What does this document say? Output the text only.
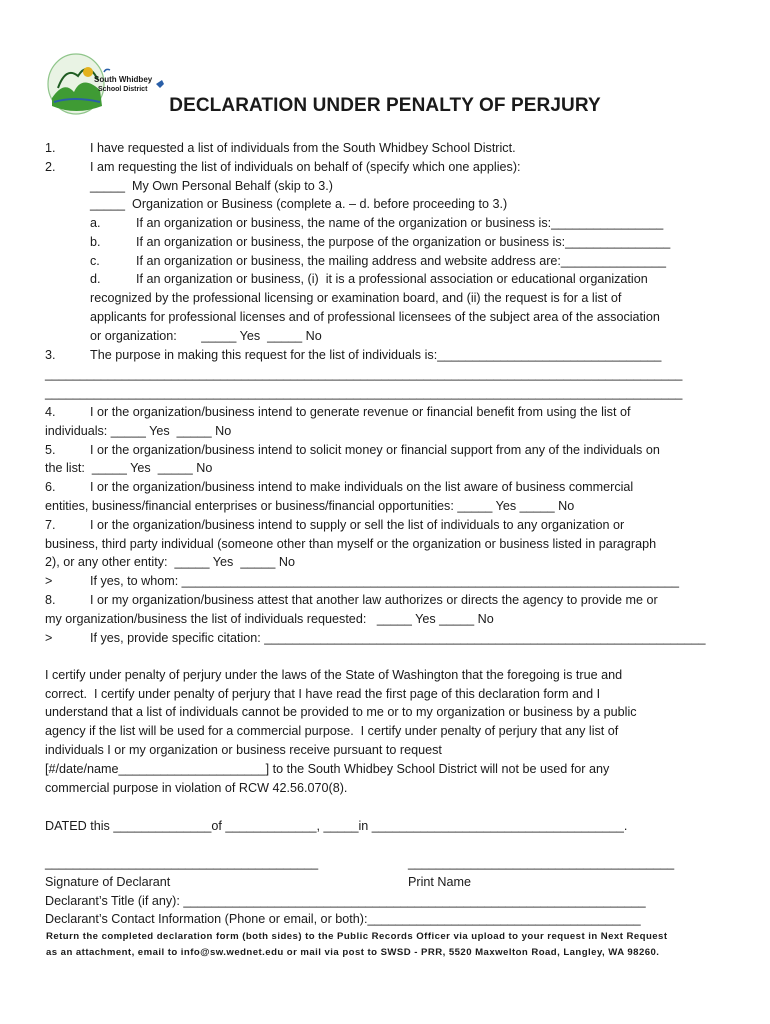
South Whidbey
School District
DECLARATION UNDER PENALTY OF PERJURY
1.	I have requested a list of individuals from the South Whidbey School District.
2.	I am requesting the list of individuals on behalf of (specify which one applies):
_____  My Own Personal Behalf (skip to 3.)
_____  Organization or Business (complete a. – d. before proceeding to 3.)
a.	If an organization or business, the name of the organization or business is:________________
b.	If an organization or business, the purpose of the organization or business is:_______________
c.	If an organization or business, the mailing address and website address are:_______________
d.	If an organization or business, (i)  it is a professional association or educational organization
recognized by the professional licensing or examination board, and (ii) the request is for a list of
applicants for professional licenses and of professional licensees of the subject area of the association
or organization:       _____ Yes  _____ No
3.	The purpose in making this request for the list of individuals is:________________________________
___________________________________________________________________________________________
___________________________________________________________________________________________
4.	I or the organization/business intend to generate revenue or financial benefit from using the list of
individuals: _____ Yes  _____ No
5.	I or the organization/business intend to solicit money or financial support from any of the individuals on
the list:  _____ Yes  _____ No
6.	I or the organization/business intend to make individuals on the list aware of business commercial
entities, business/financial enterprises or business/financial opportunities: _____ Yes _____ No
7.	I or the organization/business intend to supply or sell the list of individuals to any organization or
business, third party individual (someone other than myself or the organization or business listed in paragraph
2), or any other entity:  _____ Yes  _____ No
>	If yes, to whom: _______________________________________________________________________
8.	I or my organization/business attest that another law authorizes or directs the agency to provide me or
my organization/business the list of individuals requested:   _____ Yes _____ No
>	If yes, provide specific citation: _______________________________________________________________
I certify under penalty of perjury under the laws of the State of Washington that the foregoing is true and
correct.  I certify under penalty of perjury that I have read the first page of this declaration form and I
understand that a list of individuals cannot be provided to me or to my organization or business by a public
agency if the list will be used for a commercial purpose.  I certify under penalty of perjury that any list of
individuals I or my organization or business receive pursuant to request
[#/date/name_____________________] to the South Whidbey School District will not be used for any
commercial purpose in violation of RCW 42.56.070(8).
DATED this ______________of _____________, _____in ____________________________________.
_______________________________________	______________________________________
Signature of Declarant	Print Name
Declarant’s Title (if any): __________________________________________________________________
Declarant’s Contact Information (Phone or email, or both):_______________________________________
Return the completed declaration form (both sides) to the Public Records Officer via upload to your request in Next Request
as an attachment, email to info@sw.wednet.edu or mail via post to SWSD - PRR, 5520 Maxwelton Road, Langley, WA 98260.
